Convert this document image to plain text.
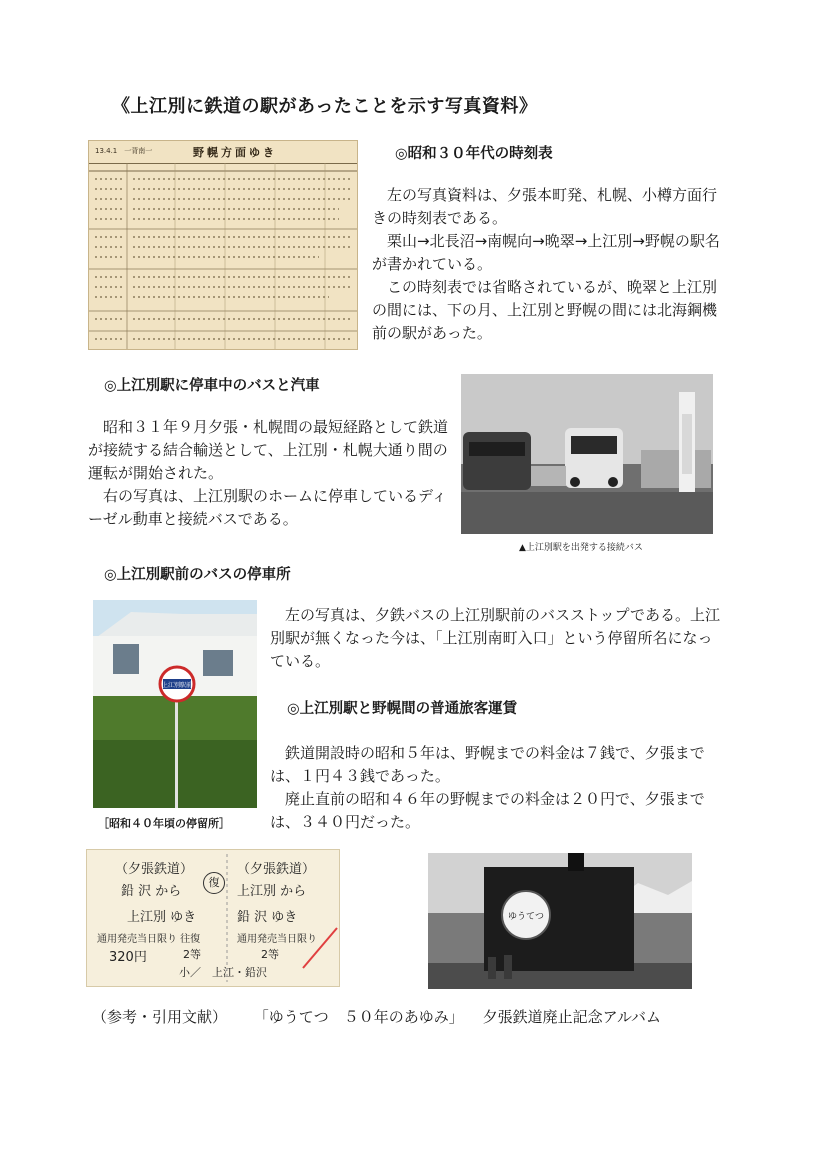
《上江別に鉄道の駅があったことを示す写真資料》
13.4.1　一背南一	野幌方面ゆき	◎昭和３０年代の時刻表

左の写真資料は、夕張本町発、札幌、小樽方面行きの時刻表である。

栗山→北長沼→南幌向→晩翠→上江別→野幌の駅名が書かれている。

この時刻表では省略されているが、晩翠と上江別の間には、下の月、上江別と野幌の間には北海鋼機前の駅があった。

◎上江別駅に停車中のバスと汽車

昭和３１年９月夕張・札幌間の最短経路として鉄道が接続する結合輸送として、上江別・札幌大通り間の運転が開始された。

右の写真は、上江別駅のホームに停車しているディーゼル動車と接続バスである。

▲上江別駅を出発する接続バス
◎上江別駅前のバスの停車所
上江別駅前
［昭和４０年頃の停留所］

左の写真は、夕鉄バスの上江別駅前のバスストップである。上江別駅が無くなった今は、「上江別南町入口」という停留所名になっている。

◎上江別駅と野幌間の普通旅客運賃

鉄道開設時の昭和５年は、野幌までの料金は７銭で、夕張までは、１円４３銭であった。

廃止直前の昭和４６年の野幌までの料金は２０円で、夕張までは、３４０円だった。

（夕張鉄道）
鉛 沢 から
上江別 ゆき
通用発売当日限り 往復
320円	2等
復
（夕張鉄道）
上江別 から
鉛 沢 ゆき
通用発売当日限り
2等
小／　上江・鉛沢
ゆうてつ
（参考・引用文献） 「ゆうてつ　５０年のあゆみ」 夕張鉄道廃止記念アルバム
